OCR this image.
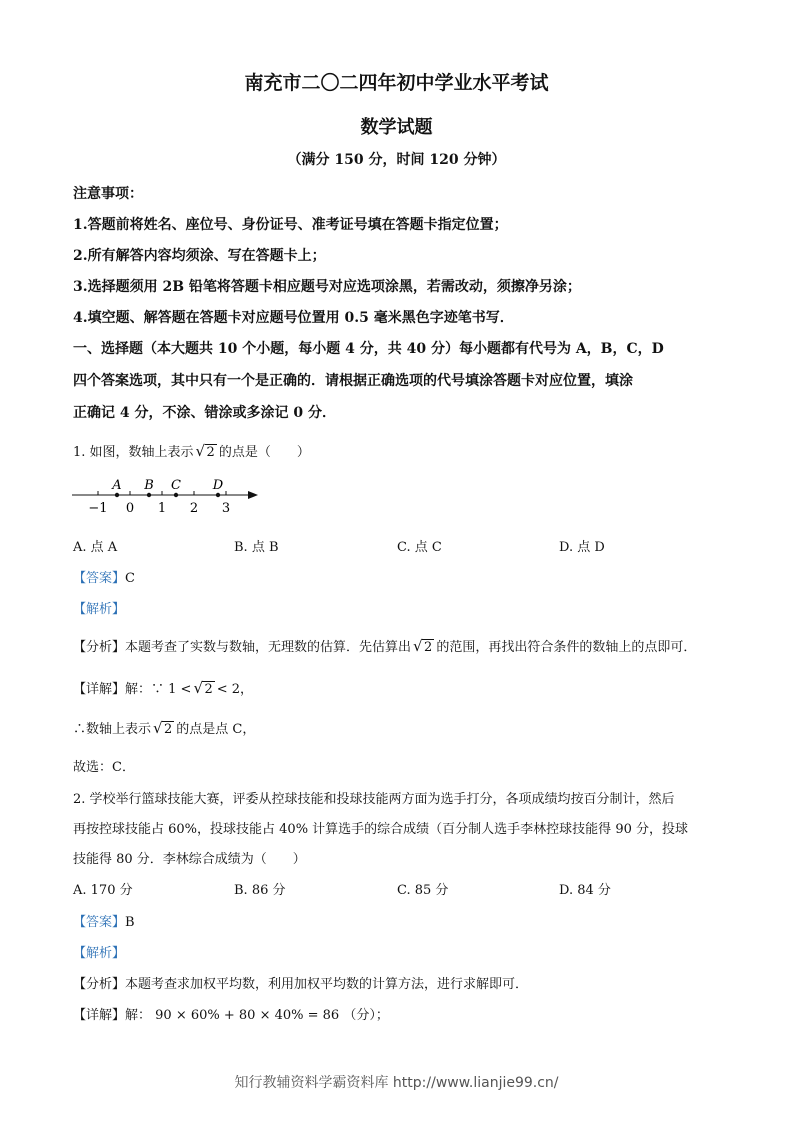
南充市二〇二四年初中学业水平考试
数学试题
（满分 150 分，时间 120 分钟）
注意事项：
1.答题前将姓名、座位号、身份证号、准考证号填在答题卡指定位置；
2.所有解答内容均须涂、写在答题卡上；
3.选择题须用 2B 铅笔将答题卡相应题号对应选项涂黑，若需改动，须擦净另涂；
4.填空题、解答题在答题卡对应题号位置用 0.5 毫米黑色字迹笔书写．
一、选择题（本大题共 10 个小题，每小题 4 分，共 40 分）每小题都有代号为 A，B，C，D
四个答案选项，其中只有一个是正确的．请根据正确选项的代号填涂答题卡对应位置，填涂
正确记 4 分，不涂、错涂或多涂记 0 分．
1. 如图，数轴上表示 √ 2 的点是（　　）
−1 0 1 2 3
A B C D
A. 点 A	B. 点 B	C. 点 C	D. 点 D
【答案】C
【解析】
【分析】本题考查了实数与数轴，无理数的估算．先估算出 √ 2 的范围，再找出符合条件的数轴上的点即可．
【详解】解：∵ 1 < √ 2 < 2，
∴数轴上表示 √ 2 的点是点 C，
故选：C．
2. 学校举行篮球技能大赛，评委从控球技能和投球技能两方面为选手打分，各项成绩均按百分制计，然后
再按控球技能占 60%，投球技能占 40% 计算选手的综合成绩（百分制人选手李林控球技能得 90 分，投球
技能得 80 分．李林综合成绩为（　　）
A. 170 分	B. 86 分	C. 85 分	D. 84 分
【答案】B
【解析】
【分析】本题考查求加权平均数，利用加权平均数的计算方法，进行求解即可．
【详解】解： 90 × 60% + 80 × 40% = 86 （分）；
知行教辅资料学霸资料库 http://www.lianjie99.cn/
